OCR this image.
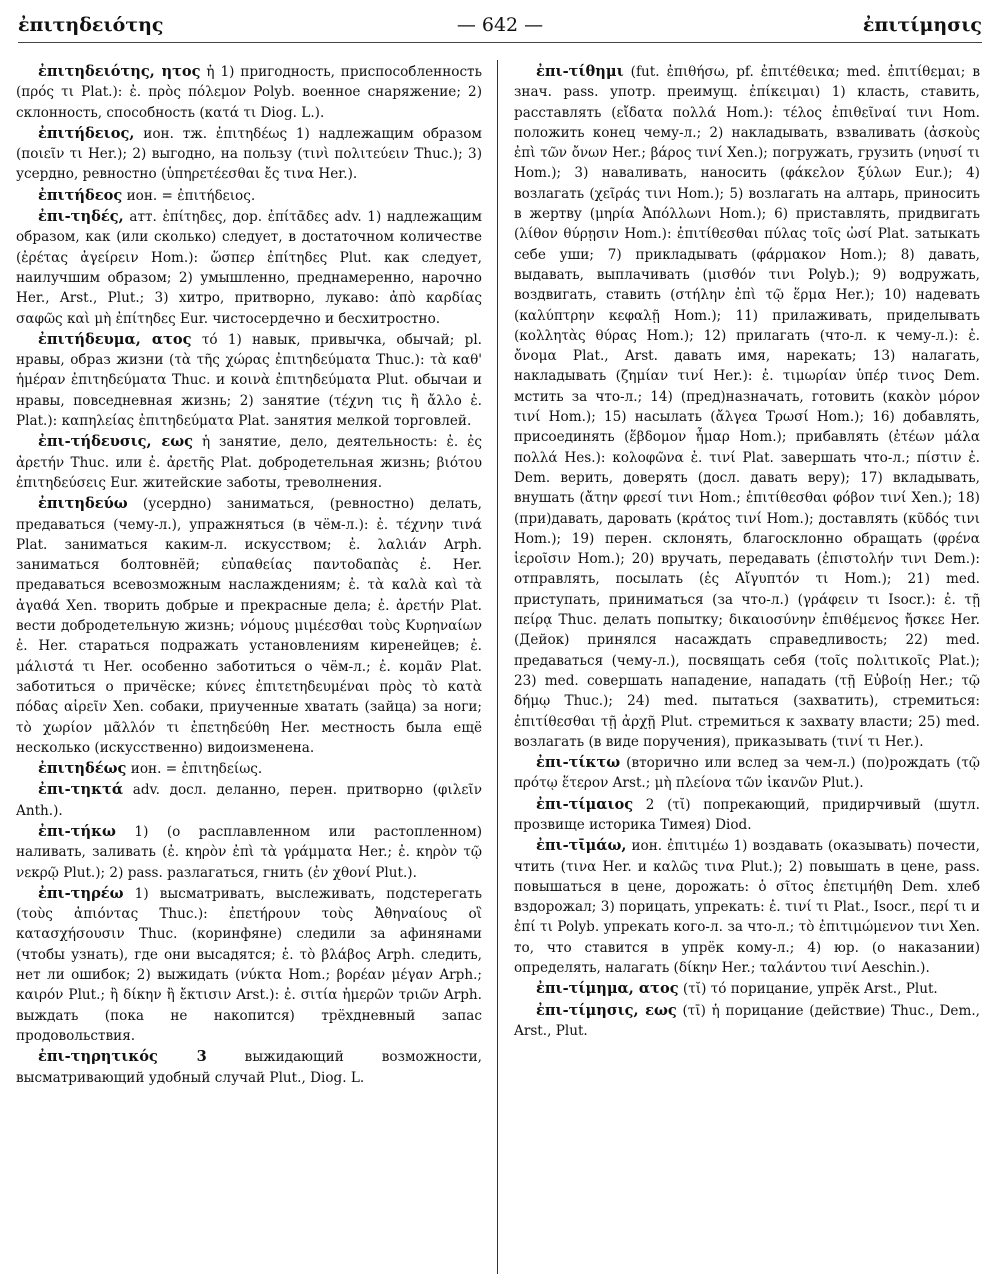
ἐπιτηδειότης	— 642 —	ἐπιτίμησις

ἐπιτηδειότης, ητος ἡ 1) пригодность, приспособленность (πρός τι Plat.): ἐ. πρὸς πόλεμον Polyb. военное снаряжение; 2) склонность, способность (κατά τι Diog. L.).

ἐπιτήδειος, ион. тж. ἐπιτηδέως 1) надлежащим образом (ποιεῖν τι Her.); 2) выгодно, на пользу (τινὶ πολιτεύειν Thuc.); 3) усердно, ревностно (ὑπηρετέεσθαι ἔς τινα Her.).

ἐπιτήδεος ион. = ἐπιτήδειος.

ἐπι-τηδές, атт. ἐπίτηδες, дор. ἐπίτᾱδες adv. 1) надлежащим образом, как (или сколько) следует, в достаточном количестве (ἐρέτας ἀγείρειν Hom.): ὥσπερ ἐπίτηδες Plut. как следует, наилучшим образом; 2) умышленно, преднамеренно, нарочно Her., Arst., Plut.; 3) хитро, притворно, лукаво: ἀπὸ καρδίας σαφῶς καὶ μὴ ἐπίτηδες Eur. чистосердечно и бесхитростно.

ἐπιτήδευμα, ατος τό 1) навык, привычка, обычай; pl. нравы, образ жизни (τὰ τῆς χώρας ἐπιτηδεύματα Thuc.): τὰ καθ' ἡμέραν ἐπιτηδεύματα Thuc. и κοινὰ ἐπιτηδεύματα Plut. обычаи и нравы, повседневная жизнь; 2) занятие (τέχνη τις ἢ ἄλλο ἐ. Plat.): καπηλείας ἐπιτηδεύματα Plat. занятия мелкой торговлей.

ἐπι-τήδευσις, εως ἡ занятие, дело, деятельность: ἐ. ἐς ἀρετήν Thuc. или ἐ. ἀρετῆς Plat. добродетельная жизнь; βιότου ἐπιτηδεύσεις Eur. житейские заботы, треволнения.

ἐπιτηδεύω (усердно) заниматься, (ревностно) делать, предаваться (чему-л.), упражняться (в чём-л.): ἐ. τέχνην τινά Plat. заниматься каким-л. искусством; ἐ. λαλιάν Arph. заниматься болтовнёй; εὐπαθείας παντοδαπὰς ἐ. Her. предаваться всевозможным наслаждениям; ἐ. τὰ καλὰ καὶ τὰ ἀγαθά Xen. творить добрые и прекрасные дела; ἐ. ἀρετήν Plat. вести добродетельную жизнь; νόμους μιμέεσθαι τοὺς Κυρηναίων ἐ. Her. стараться подражать установлениям киренейцев; ἐ. μάλιστά τι Her. особенно заботиться о чём-л.; ἐ. κομᾶν Plat. заботиться о причёске; κύνες ἐπιτετηδευμέναι πρὸς τὸ κατὰ πόδας αἱρεῖν Xen. собаки, приученные хватать (зайца) за ноги; τὸ χωρίον μᾶλλόν τι ἐπετηδεύθη Her. местность была ещё несколько (искусственно) видоизменена.

ἐπιτηδέως ион. = ἐπιτηδείως.

ἐπι-τηκτά adv. досл. деланно, перен. притворно (φιλεῖν Anth.).

ἐπι-τήκω 1) (о расплавленном или растопленном) наливать, заливать (ἐ. κηρὸν ἐπὶ τὰ γράμματα Her.; ἐ. κηρὸν τῷ νεκρῷ Plut.); 2) pass. разлагаться, гнить (ἐν χθονί Plut.).

ἐπι-τηρέω 1) высматривать, выслеживать, подстерегать (τοὺς ἀπιόντας Thuc.): ἐπετήρουν τοὺς Ἀθηναίους οἳ κατασχήσουσιν Thuc. (коринфяне) следили за афинянами (чтобы узнать), где они высадятся; ἐ. τὸ βλάβος Arph. следить, нет ли ошибок; 2) выжидать (νύκτα Hom.; βορέαν μέγαν Arph.; καιρόν Plut.; ἢ δίκην ἢ ἔκτισιν Arst.): ἐ. σιτία ἡμερῶν τριῶν Arph. выждать (пока не накопится) трёхдневный запас продовольствия.

ἐπι-τηρητικός 3 выжидающий возможности, высматривающий удобный случай Plut., Diog. L.

ἐπι-τίθημι (fut. ἐπιθήσω, pf. ἐπιτέθεικα; med. ἐπιτίθεμαι; в знач. pass. употр. преимущ. ἐπίκειμαι) 1) класть, ставить, расставлять (εἴδατα πολλά Hom.): τέλος ἐπιθεῖναί τινι Hom. положить конец чему-л.; 2) накладывать, взваливать (ἀσκοὺς ἐπὶ τῶν ὄνων Her.; βάρος τινί Xen.); погружать, грузить (νηυσί τι Hom.); 3) наваливать, наносить (φάκελον ξύλων Eur.); 4) возлагать (χεῖράς τινι Hom.); 5) возлагать на алтарь, приносить в жертву (μηρία Ἀπόλλωνι Hom.); 6) приставлять, придвигать (λίθον θύρῃσιν Hom.): ἐπιτίθεσθαι πύλας τοῖς ὠσί Plat. затыкать себе уши; 7) прикладывать (φάρμακον Hom.); 8) давать, выдавать, выплачивать (μισθόν τινι Polyb.); 9) водружать, воздвигать, ставить (στήλην ἐπὶ τῷ ἕρμα Her.); 10) надевать (καλύπτρην κεφαλῇ Hom.); 11) прилаживать, приделывать (κολλητὰς θύρας Hom.); 12) прилагать (что-л. к чему-л.): ἐ. ὄνομα Plat., Arst. давать имя, нарекать; 13) налагать, накладывать (ζημίαν τινί Her.): ἐ. τιμωρίαν ὑπέρ τινος Dem. мстить за что-л.; 14) (пред)назначать, готовить (κακὸν μόρον τινί Hom.); 15) насылать (ἄλγεα Τρωσί Hom.); 16) добавлять, присоединять (ἕβδομον ἦμαρ Hom.); прибавлять (ἐτέων μάλα πολλά Hes.): κολοφῶνα ἐ. τινί Plat. завершать что-л.; πίστιν ἐ. Dem. верить, доверять (досл. давать веру); 17) вкладывать, внушать (ἄτην φρεσί τινι Hom.; ἐπιτίθεσθαι φόβον τινί Xen.); 18) (при)давать, даровать (κράτος τινί Hom.); доставлять (κῦδός τινι Hom.); 19) перен. склонять, благосклонно обращать (φρένα ἱεροῖσιν Hom.); 20) вручать, передавать (ἐπιστολήν τινι Dem.): отправлять, посылать (ἐς Αἴγυπτόν τι Hom.); 21) med. приступать, приниматься (за что-л.) (γράφειν τι Isocr.): ἐ. τῇ πείρᾳ Thuc. делать попытку; δικαιοσύνην ἐπιθέμενος ἤσκεε Her. (Дейок) принялся насаждать справедливость; 22) med. предаваться (чему-л.), посвящать себя (τοῖς πολιτικοῖς Plat.); 23) med. совершать нападение, нападать (τῇ Εὐβοίῃ Her.; τῷ δήμῳ Thuc.); 24) med. пытаться (захватить), стремиться: ἐπιτίθεσθαι τῇ ἀρχῇ Plut. стремиться к захвату власти; 25) med. возлагать (в виде поручения), приказывать (τινί τι Her.).

ἐπι-τίκτω (вторично или вслед за чем-л.) (по)рождать (τῷ πρότῳ ἕτερον Arst.; μὴ πλείονα τῶν ἱκανῶν Plut.).

ἐπι-τίμαιος 2 (τῐ) попрекающий, придирчивый (шутл. прозвище историка Тимея) Diod.

ἐπι-τῑμάω, ион. ἐπιτιμέω 1) воздавать (оказывать) почести, чтить (τινα Her. и καλῶς τινα Plut.); 2) повышать в цене, pass. повышаться в цене, дорожать: ὁ σῖτος ἐπετιμήθη Dem. хлеб вздорожал; 3) порицать, упрекать: ἐ. τινί τι Plat., Isocr., περί τι и ἐπί τι Polyb. упрекать кого-л. за что-л.; τὸ ἐπιτιμώμενον τινι Xen. то, что ставится в упрёк кому-л.; 4) юр. (о наказании) определять, налагать (δίκην Her.; ταλάντου τινί Aeschin.).

ἐπι-τίμημα, ατος (τῐ) τό порицание, упрёк Arst., Plut.

ἐπι-τίμησις, εως (τῑ) ἡ порицание (действие) Thuc., Dem., Arst., Plut.
